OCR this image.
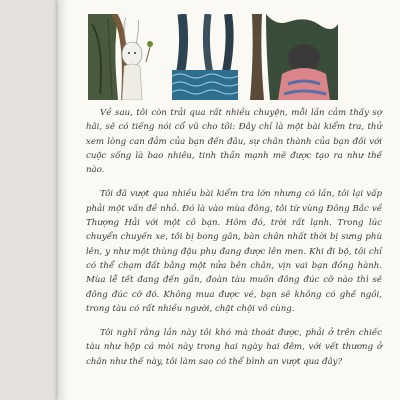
Về sau, tôi còn trải qua rất nhiều chuyện, mỗi lần cảm thấy sợ hãi, sẽ có tiếng nói cổ vũ cho tôi: Đây chỉ là một bài kiểm tra, thử xem lòng can đảm của bạn đến đâu, sự chân thành của bạn đối với cuộc sống là bao nhiêu, tinh thần mạnh mẽ được tạo ra như thế nào.

Tôi đã vượt qua nhiều bài kiểm tra lớn nhưng có lần, tôi lại vấp phải một vấn đề nhỏ. Đó là vào mùa đông, tôi từ vùng Đông Bắc về Thượng Hải với một cô bạn. Hôm đó, trời rất lạnh. Trong lúc chuyển chuyến xe, tôi bị bong gân, bàn chân nhất thời bị sưng phù lên, y như một thùng đậu phụ đang được lên men. Khi đi bộ, tôi chỉ có thể chạm đất bằng một nửa bên chân, vịn vai bạn đồng hành. Mùa lễ tết đang đến gần, đoàn tàu muốn đông đúc cỡ nào thì sẽ đông đúc cỡ đó. Không mua được vé, bạn sẽ không có ghế ngồi, trong tàu có rất nhiều người, chật chội vô cùng.

Tôi nghĩ rằng lần này tôi khó mà thoát được, phải ở trên chiếc tàu như hộp cá mòi này trong hai ngày hai đêm, với vết thương ở chân như thế này, tôi làm sao có thể bình an vượt qua đây?
